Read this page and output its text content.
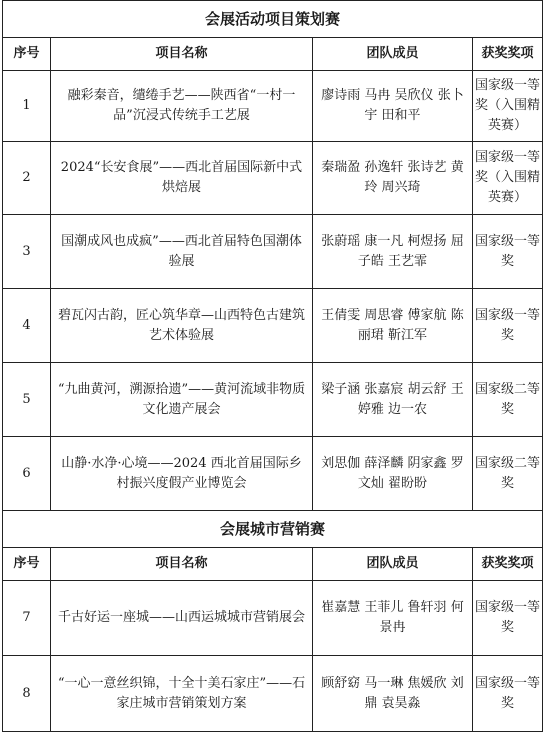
会展活动项目策划赛			
序号	项目名称	团队成员	获奖奖项
1	融彩秦音，缱绻手艺——陕西省“一村一品”沉浸式传统手工艺展	廖诗雨 马冉 吴欣仪 张卜宇 田和平	国家级一等奖（入围精英赛）
2	2024“长安食展”——西北首届国际新中式烘焙展	秦瑞盈 孙逸轩 张诗艺 黄玲 周兴琦	国家级一等奖（入围精英赛）
3	国潮成风也成疯”——西北首届特色国潮体验展	张蔚瑶 康一凡 柯煜扬 屈子皓 王艺霏	国家级一等奖
4	碧瓦闪古韵，匠心筑华章—山西特色古建筑艺术体验展	王倩雯 周思睿 傅家航 陈丽珺 靳江军	国家级一等奖
5	“九曲黄河，溯源拾遗”——黄河流域非物质文化遗产展会	梁子涵 张嘉宸 胡云舒 王婷雅 边一农	国家级二等奖
6	山静·水净·心境——2024 西北首届国际乡村振兴度假产业博览会	刘思伽 薛泽麟 阴家鑫 罗文灿 翟盼盼	国家级二等奖
会展城市营销赛			
序号	项目名称	团队成员	获奖奖项
7	千古好运一座城——山西运城城市营销展会	崔嘉慧 王菲儿 鲁轩羽 何景冉	国家级一等奖
8	“一心一意丝织锦，十全十美石家庄”——石家庄城市营销策划方案	顾舒窈 马一琳 焦媛欣 刘鼎 袁昊淼	国家级一等奖
